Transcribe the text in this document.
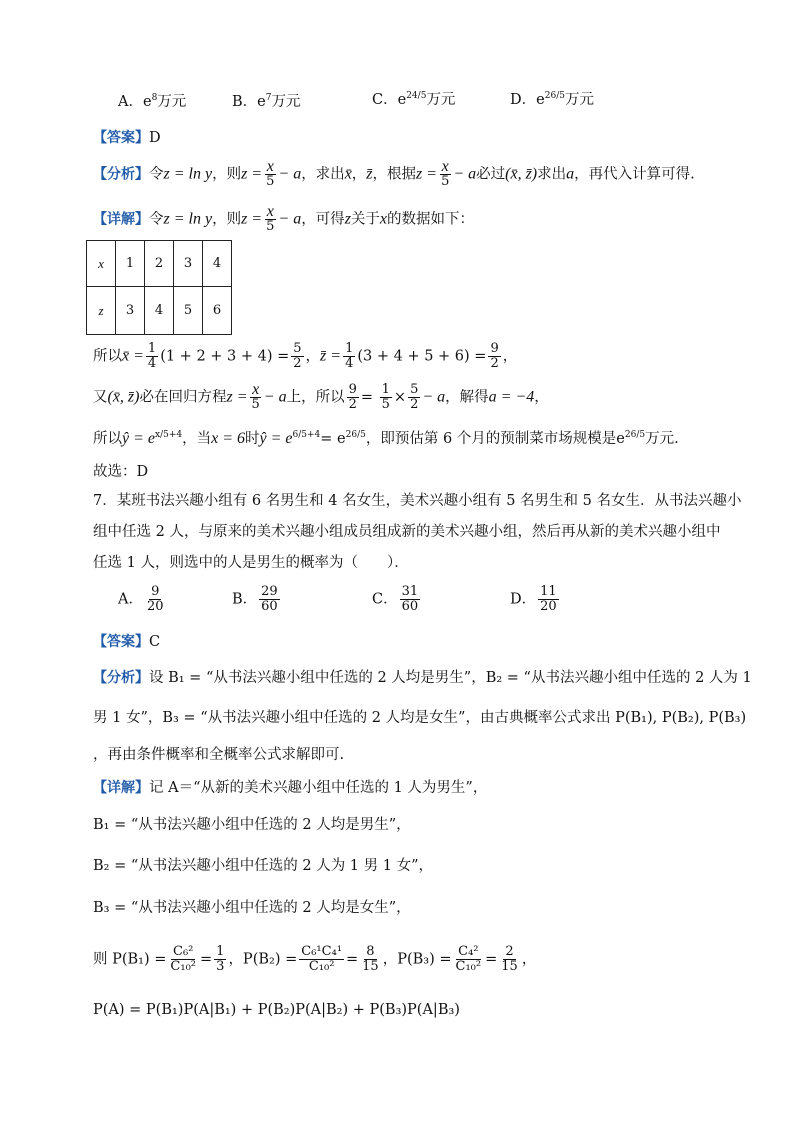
A．$e^8$万元	B．$e^7$万元	C．$e^{24/5}$万元	D．$e^{26/5}$万元
【答案】D
【分析】令z = ln y，则$z = \frac{x}{5} - a$，求出x̄，z̄，根据$z = \frac{x}{5} - a$必过(x̄, z̄)求出a，再代入计算可得.
【详解】令z = ln y，则$z = \frac{x}{5} - a$，可得z关于x的数据如下：
x	1	2	3	4
z	3	4	5	6
所以x̄ = $\frac{1}{4} (1 + 2 + 3 + 4) = \frac{5}{2}$ ，z̄ = $\frac{1}{4} (3 + 4 + 5 + 6) = \frac{9}{2}$ ，
又(x̄, z̄)必在回归方程$z = \frac{x}{5} - a$上，所以 $\frac{9}{2} = \frac{1}{5} \times \frac{5}{2} - a$，解得a = −4，
所以ŷ = $e^{x/5+4}$，当x = 6时ŷ = $e^{6/5+4}= e^{26/5}$，即预估第 6 个月的预制菜市场规模是$e^{26/5}$万元.
故选：D
7．某班书法兴趣小组有 6 名男生和 4 名女生，美术兴趣小组有 5 名男生和 5 名女生．从书法兴趣小
组中任选 2 人，与原来的美术兴趣小组成员组成新的美术兴趣小组，然后再从新的美术兴趣小组中
任选 1 人，则选中的人是男生的概率为（　　）．
A． $\frac{9}{20}$	B． $\frac{29}{60}$	C． $\frac{31}{60}$	D． $\frac{11}{20}$
【答案】C
【分析】设 B₁ = “从书法兴趣小组中任选的 2 人均是男生”，B₂ = “从书法兴趣小组中任选的 2 人为 1
男 1 女”，B₃ = “从书法兴趣小组中任选的 2 人均是女生”，由古典概率公式求出 P(B₁), P(B₂), P(B₃)
，再由条件概率和全概率公式求解即可.
【详解】记 A＝“从新的美术兴趣小组中任选的 1 人为男生”，
B₁ = “从书法兴趣小组中任选的 2 人均是男生”，
B₂ = “从书法兴趣小组中任选的 2 人为 1 男 1 女”，
B₃ = “从书法兴趣小组中任选的 2 人均是女生”，
则 $P(B_1) = \frac{\text{C₆²}}{\text{C₁₀²}} = \frac{1}{3}$ ，$P(B_2) = \frac{\text{C₆¹C₄¹}}{\text{C₁₀²}} = \frac{8}{15}$ ，$P(B_3) = \frac{\text{C₄²}}{\text{C₁₀²}} = \frac{2}{15}$ ，
P(A) = P(B₁)P(A|B₁) + P(B₂)P(A|B₂) + P(B₃)P(A|B₃)
